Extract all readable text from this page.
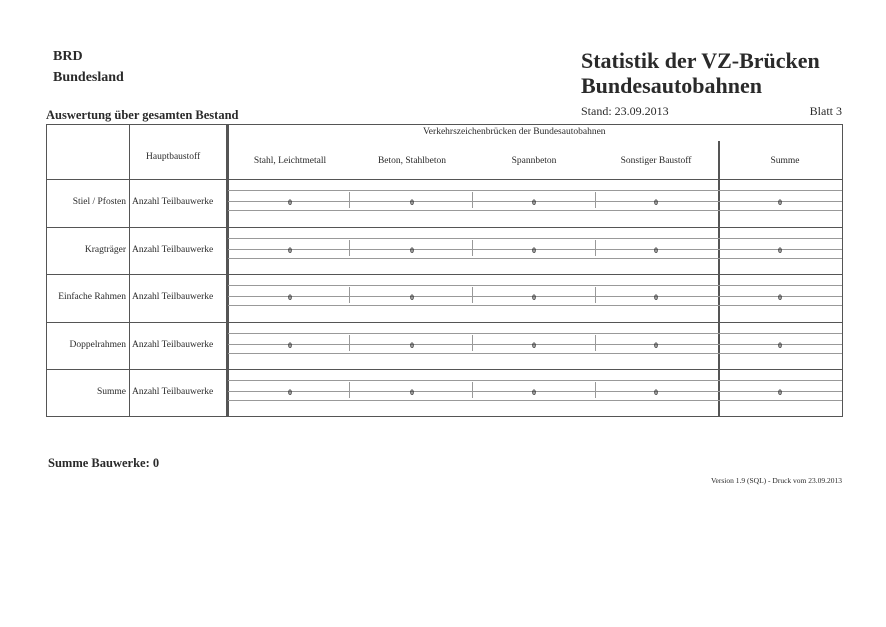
BRD
Bundesland
Statistik der VZ-Brücken
Bundesautobahnen
Auswertung über gesamten Bestand	Stand: 23.09.2013	Blatt 3
Verkehrszeichenbrücken der Bundesautobahnen
Hauptbaustoff	Stahl, Leichtmetall	Beton, Stahlbeton	Spannbeton	Sonstiger Baustoff	Summe
Stiel / Pfosten Anzahl Teilbauwerke	0	0	0	0	0
Kragträger Anzahl Teilbauwerke	0	0	0	0	0
Einfache Rahmen Anzahl Teilbauwerke	0	0	0	0	0
Doppelrahmen Anzahl Teilbauwerke	0	0	0	0	0
Summe Anzahl Teilbauwerke	0	0	0	0	0
Summe Bauwerke: 0
Version 1.9 (SQL) - Druck vom 23.09.2013
